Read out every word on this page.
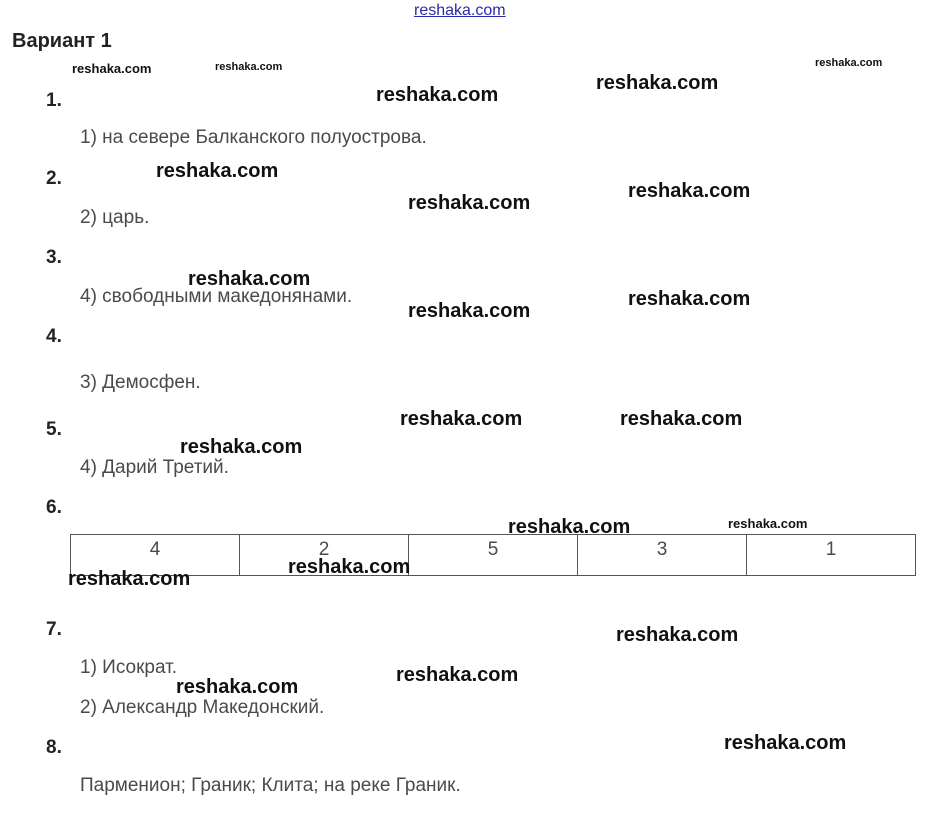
reshaka.com
Вариант 1
1.
1) на севере Балканского полуострова.
2.
2) царь.
3.
4) свободными македонянами.
4.
3) Демосфен.
5.
4) Дарий Третий.
6.
4	2	5	3	1
7.
1) Исократ.
2) Александр Македонский.
8.
Парменион; Граник; Клита; на реке Граник.
reshaka.com	reshaka.com	reshaka.com
reshaka.com
reshaka.com
reshaka.com
reshaka.com
reshaka.com
reshaka.com
reshaka.com
reshaka.com
reshaka.com	reshaka.com
reshaka.com
reshaka.com	reshaka.com
reshaka.com
reshaka.com
reshaka.com
reshaka.com
reshaka.com
reshaka.com
